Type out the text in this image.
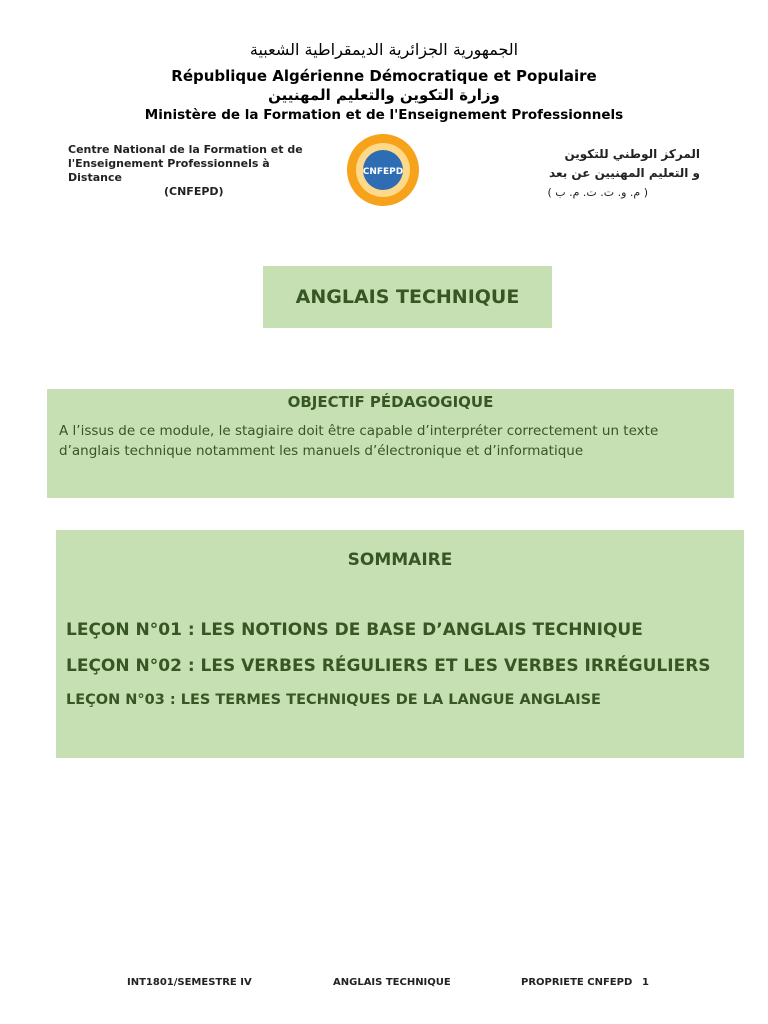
الجمهورية الجزائرية الديمقراطية الشعبية
République Algérienne Démocratique et Populaire
وزارة التكوين والتعليم المهنيين
Ministère de la Formation et de l'Enseignement Professionnels
Centre National de la Formation et de
l'Enseignement Professionnels à Distance
(CNFEPD)
CNFEPD
المركز الوطني للتكوين
و التعليم المهنيين عن بعد
( م. و. ت. ت. م. ب )
ANGLAIS TECHNIQUE
OBJECTIF PÉDAGOGIQUE
A l’issus de ce module, le stagiaire doit être capable d’interpréter correctement un texte d’anglais technique notamment les manuels d’électronique et d’informatique
SOMMAIRE
LEÇON N°01 : LES NOTIONS DE BASE D’ANGLAIS TECHNIQUE
LEÇON N°02 : LES VERBES RÉGULIERS ET LES VERBES IRRÉGULIERS
LEÇON N°03 : LES TERMES TECHNIQUES DE LA LANGUE ANGLAISE
INT1801/SEMESTRE IV	ANGLAIS TECHNIQUE	PROPRIETE CNFEPD 1
